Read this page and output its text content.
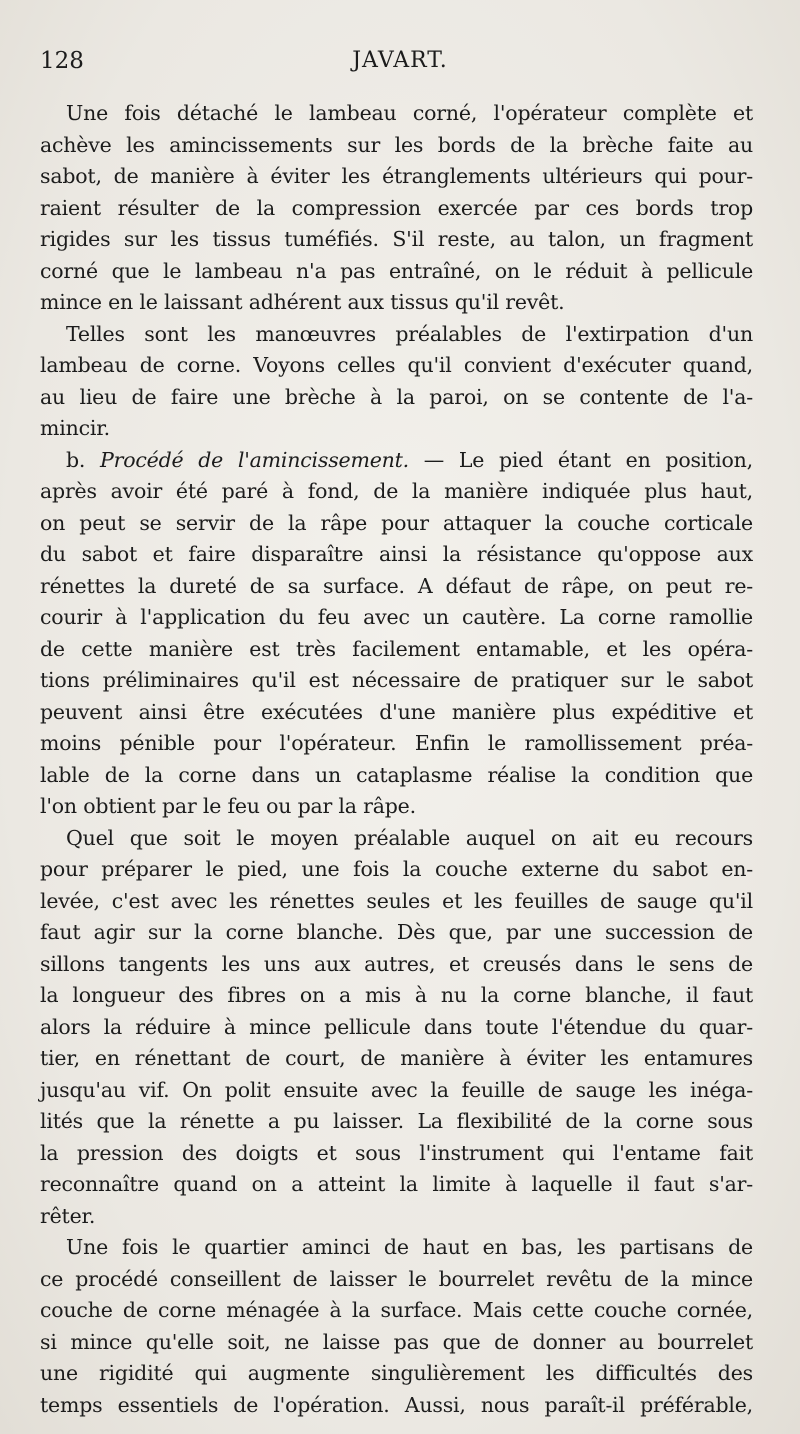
128	JAVART.
Une fois détaché le lambeau corné, l'opérateur complète et
achève les amincissements sur les bords de la brèche faite au
sabot, de manière à éviter les étranglements ultérieurs qui pour-
raient résulter de la compression exercée par ces bords trop
rigides sur les tissus tuméfiés. S'il reste, au talon, un fragment
corné que le lambeau n'a pas entraîné, on le réduit à pellicule
mince en le laissant adhérent aux tissus qu'il revêt.
Telles sont les manœuvres préalables de l'extirpation d'un
lambeau de corne. Voyons celles qu'il convient d'exécuter quand,
au lieu de faire une brèche à la paroi, on se contente de l'a-
mincir.
b. Procédé de l'amincissement. — Le pied étant en position,
après avoir été paré à fond, de la manière indiquée plus haut,
on peut se servir de la râpe pour attaquer la couche corticale
du sabot et faire disparaître ainsi la résistance qu'oppose aux
rénettes la dureté de sa surface. A défaut de râpe, on peut re-
courir à l'application du feu avec un cautère. La corne ramollie
de cette manière est très facilement entamable, et les opéra-
tions préliminaires qu'il est nécessaire de pratiquer sur le sabot
peuvent ainsi être exécutées d'une manière plus expéditive et
moins pénible pour l'opérateur. Enfin le ramollissement préa-
lable de la corne dans un cataplasme réalise la condition que
l'on obtient par le feu ou par la râpe.
Quel que soit le moyen préalable auquel on ait eu recours
pour préparer le pied, une fois la couche externe du sabot en-
levée, c'est avec les rénettes seules et les feuilles de sauge qu'il
faut agir sur la corne blanche. Dès que, par une succession de
sillons tangents les uns aux autres, et creusés dans le sens de
la longueur des fibres on a mis à nu la corne blanche, il faut
alors la réduire à mince pellicule dans toute l'étendue du quar-
tier, en rénettant de court, de manière à éviter les entamures
jusqu'au vif. On polit ensuite avec la feuille de sauge les inéga-
lités que la rénette a pu laisser. La flexibilité de la corne sous
la pression des doigts et sous l'instrument qui l'entame fait
reconnaître quand on a atteint la limite à laquelle il faut s'ar-
rêter.
Une fois le quartier aminci de haut en bas, les partisans de
ce procédé conseillent de laisser le bourrelet revêtu de la mince
couche de corne ménagée à la surface. Mais cette couche cornée,
si mince qu'elle soit, ne laisse pas que de donner au bourrelet
une rigidité qui augmente singulièrement les difficultés des
temps essentiels de l'opération. Aussi, nous paraît-il préférable,
